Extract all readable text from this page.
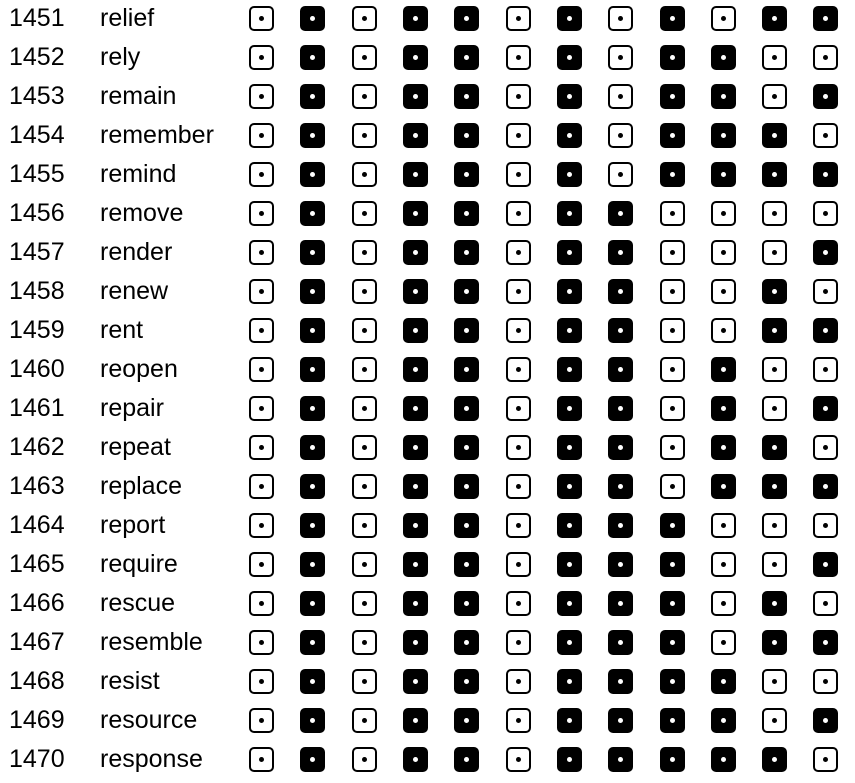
1451 relief
1452 rely
1453 remain
1454 remember
1455 remind
1456 remove
1457 render
1458 renew
1459 rent
1460 reopen
1461 repair
1462 repeat
1463 replace
1464 report
1465 require
1466 rescue
1467 resemble
1468 resist
1469 resource
1470 response
